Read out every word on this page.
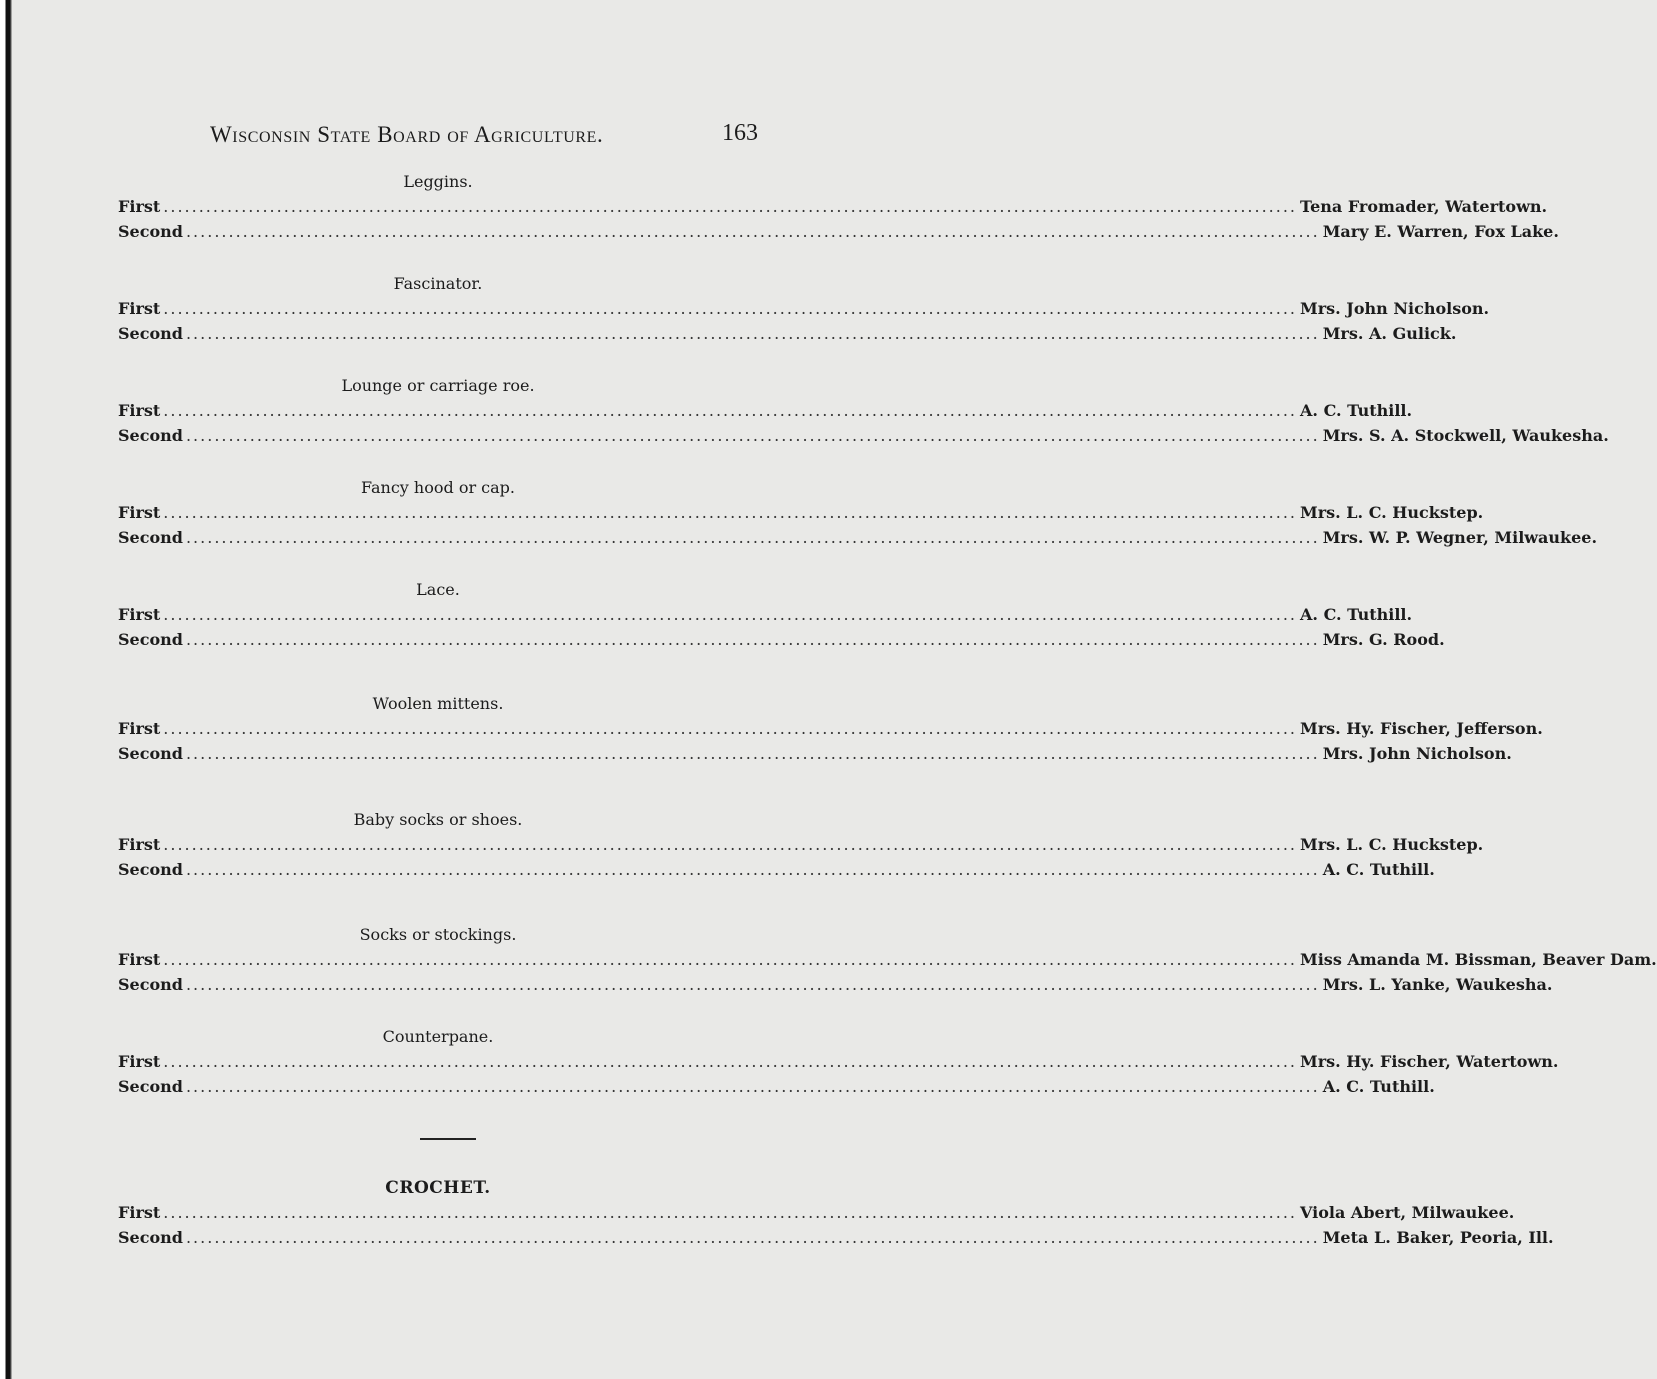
Wisconsin State Board of Agriculture.	163
Leggins.
First ................................................................................................................................................................ Tena Fromader, Watertown.
Second ................................................................................................................................................................ Mary E. Warren, Fox Lake.
Fascinator.
First ................................................................................................................................................................ Mrs. John Nicholson.
Second ................................................................................................................................................................ Mrs. A. Gulick.
Lounge or carriage roe.
First ................................................................................................................................................................ A. C. Tuthill.
Second ................................................................................................................................................................ Mrs. S. A. Stockwell, Waukesha.
Fancy hood or cap.
First ................................................................................................................................................................ Mrs. L. C. Huckstep.
Second ................................................................................................................................................................ Mrs. W. P. Wegner, Milwaukee.
Lace.
First ................................................................................................................................................................ A. C. Tuthill.
Second ................................................................................................................................................................ Mrs. G. Rood.
Woolen mittens.
First ................................................................................................................................................................ Mrs. Hy. Fischer, Jefferson.
Second ................................................................................................................................................................ Mrs. John Nicholson.
Baby socks or shoes.
First ................................................................................................................................................................ Mrs. L. C. Huckstep.
Second ................................................................................................................................................................ A. C. Tuthill.
Socks or stockings.
First ................................................................................................................................................................ Miss Amanda M. Bissman, Beaver Dam.
Second ................................................................................................................................................................ Mrs. L. Yanke, Waukesha.
Counterpane.
First ................................................................................................................................................................ Mrs. Hy. Fischer, Watertown.
Second ................................................................................................................................................................ A. C. Tuthill.
CROCHET.
First ................................................................................................................................................................ Viola Abert, Milwaukee.
Second ................................................................................................................................................................ Meta L. Baker, Peoria, Ill.
